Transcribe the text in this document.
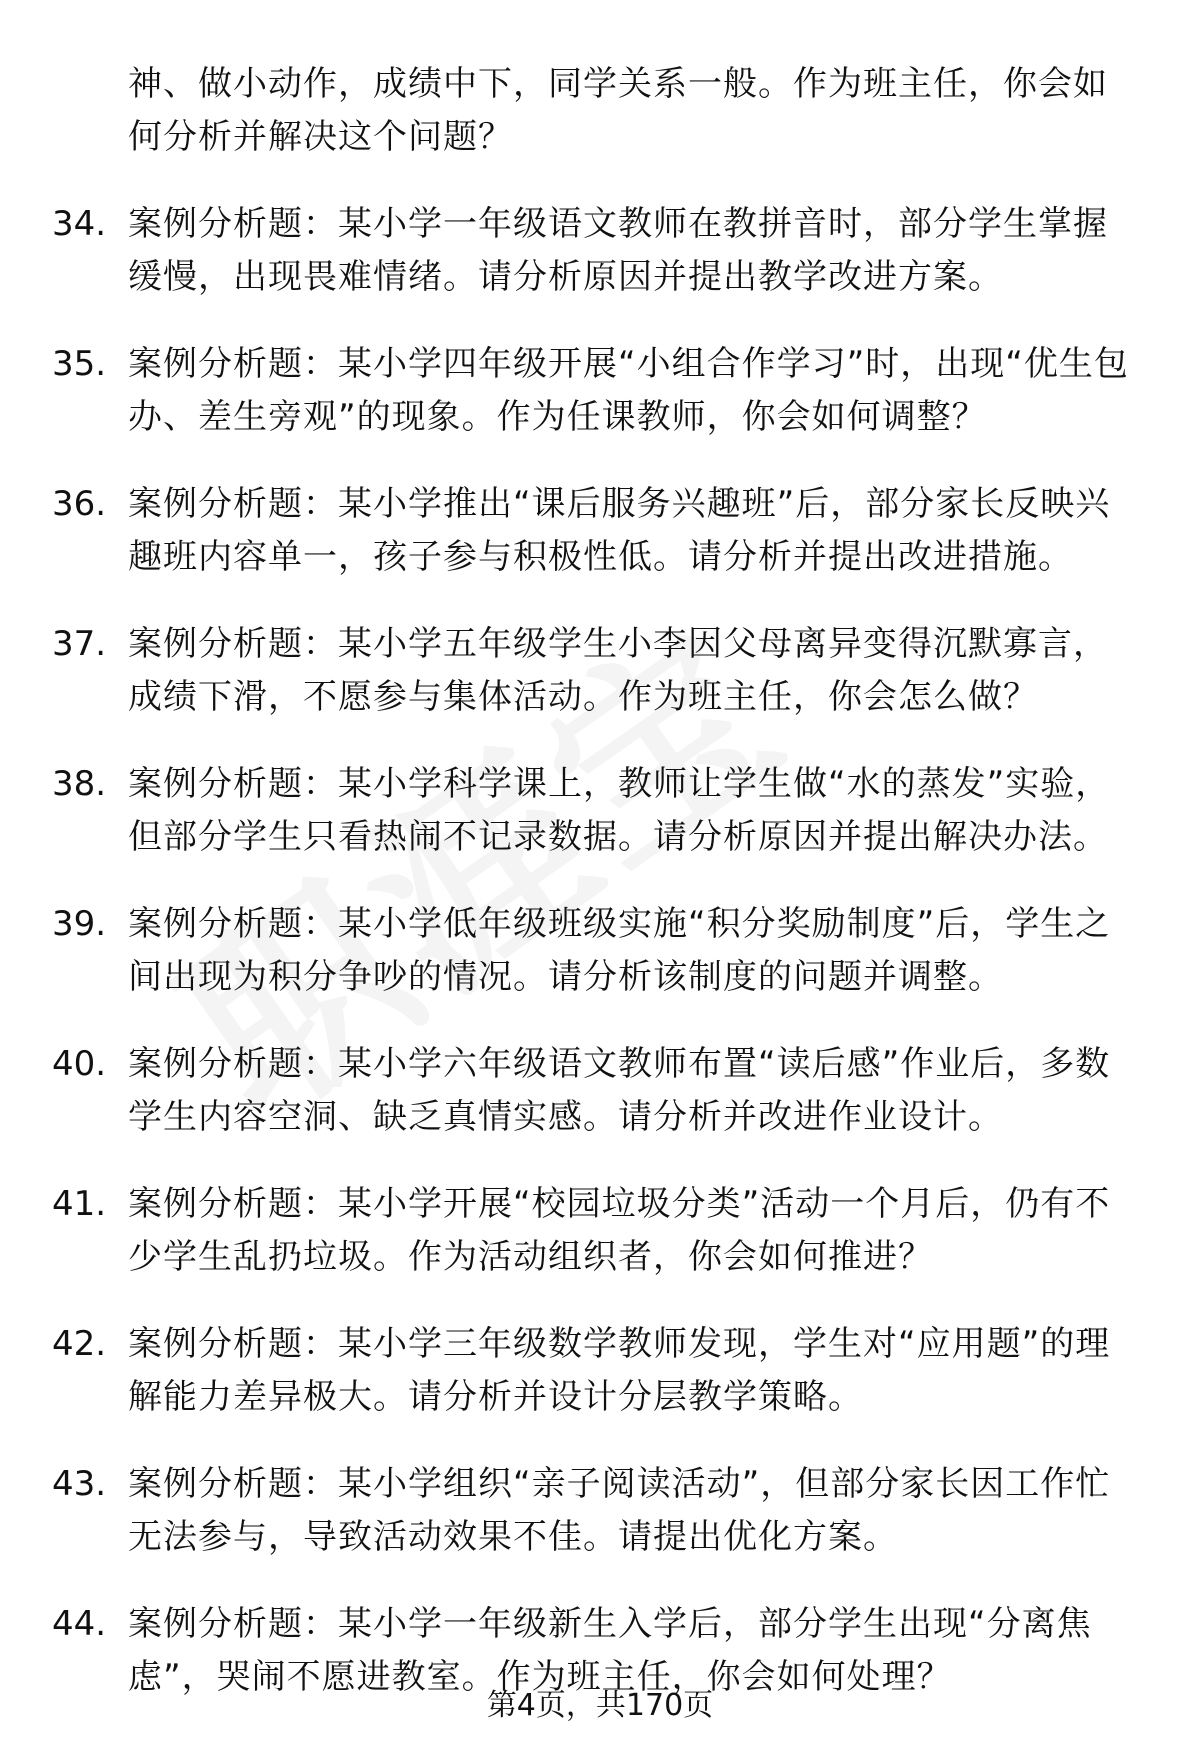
神、做小动作，成绩中下，同学关系一般。作为班主任，你会如何分析并解决这个问题？
34. 案例分析题：某小学一年级语文教师在教拼音时，部分学生掌握缓慢，出现畏难情绪。请分析原因并提出教学改进方案。
35. 案例分析题：某小学四年级开展“小组合作学习”时，出现“优生包办、差生旁观”的现象。作为任课教师，你会如何调整？
36. 案例分析题：某小学推出“课后服务兴趣班”后，部分家长反映兴趣班内容单一，孩子参与积极性低。请分析并提出改进措施。
37. 案例分析题：某小学五年级学生小李因父母离异变得沉默寡言，成绩下滑，不愿参与集体活动。作为班主任，你会怎么做？
38. 案例分析题：某小学科学课上，教师让学生做“水的蒸发”实验，但部分学生只看热闹不记录数据。请分析原因并提出解决办法。
39. 案例分析题：某小学低年级班级实施“积分奖励制度”后，学生之间出现为积分争吵的情况。请分析该制度的问题并调整。
40. 案例分析题：某小学六年级语文教师布置“读后感”作业后，多数学生内容空洞、缺乏真情实感。请分析并改进作业设计。
41. 案例分析题：某小学开展“校园垃圾分类”活动一个月后，仍有不少学生乱扔垃圾。作为活动组织者，你会如何推进？
42. 案例分析题：某小学三年级数学教师发现，学生对“应用题”的理解能力差异极大。请分析并设计分层教学策略。
43. 案例分析题：某小学组织“亲子阅读活动”，但部分家长因工作忙无法参与，导致活动效果不佳。请提出优化方案。
44. 案例分析题：某小学一年级新生入学后，部分学生出现“分离焦虑”，哭闹不愿进教室。作为班主任，你会如何处理？
第4页，共170页
